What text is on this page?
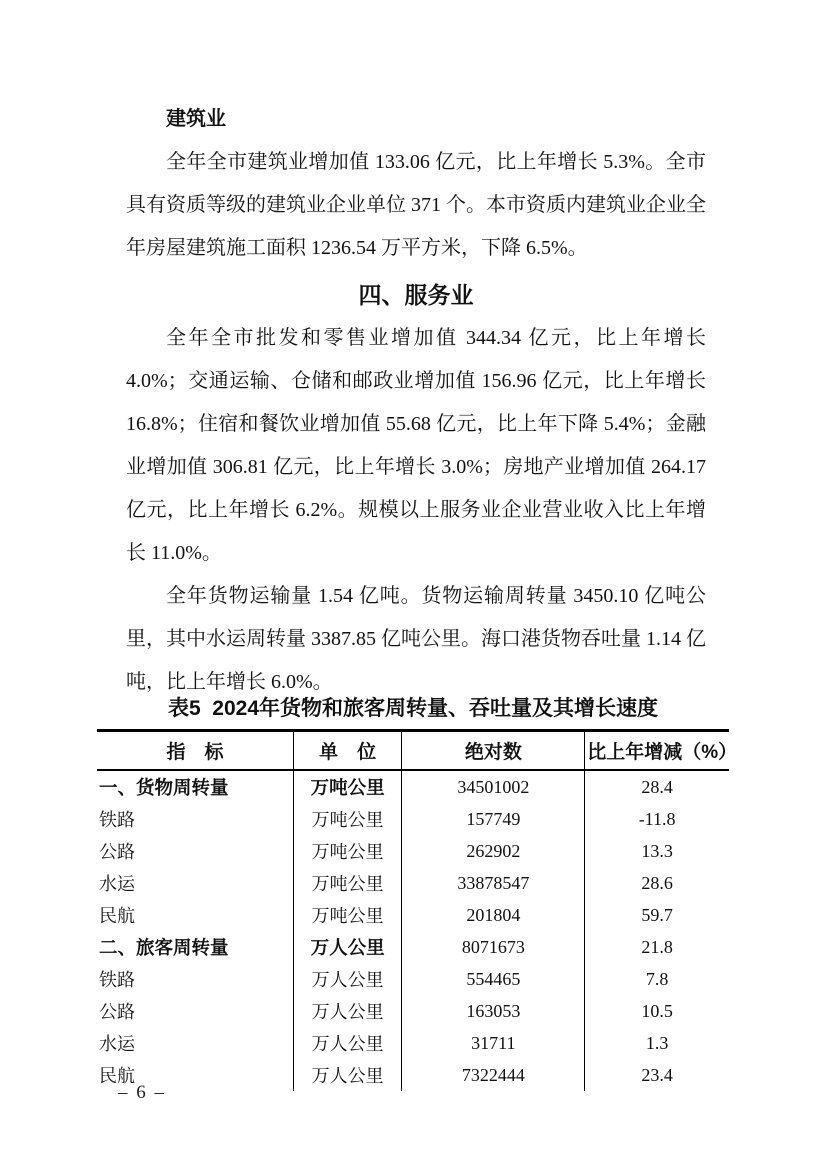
建筑业

全年全市建筑业增加值 133.06 亿元，比上年增长 5.3%。全市具有资质等级的建筑业企业单位 371 个。本市资质内建筑业企业全年房屋建筑施工面积 1236.54 万平方米，下降 6.5%。

四、服务业

全年全市批发和零售业增加值 344.34 亿元，比上年增长 4.0%；交通运输、仓储和邮政业增加值 156.96 亿元，比上年增长 16.8%；住宿和餐饮业增加值 55.68 亿元，比上年下降 5.4%；金融业增加值 306.81 亿元，比上年增长 3.0%；房地产业增加值 264.17 亿元，比上年增长 6.2%。规模以上服务业企业营业收入比上年增长 11.0%。

全年货物运输量 1.54 亿吨。货物运输周转量 3450.10 亿吨公里，其中水运周转量 3387.85 亿吨公里。海口港货物吞吐量 1.14 亿吨，比上年增长 6.0%。

表5  2024年货物和旅客周转量、吞吐量及其增长速度

指　标	单　位	绝对数	比上年增减（%）
一、货物周转量	万吨公里	34501002	28.4
铁路	万吨公里	157749	-11.8
公路	万吨公里	262902	13.3
水运	万吨公里	33878547	28.6
民航	万吨公里	201804	59.7
二、旅客周转量	万人公里	8071673	21.8
铁路	万人公里	554465	7.8
公路	万人公里	163053	10.5
水运	万人公里	31711	1.3
民航	万人公里	7322444	23.4
– 6 –
